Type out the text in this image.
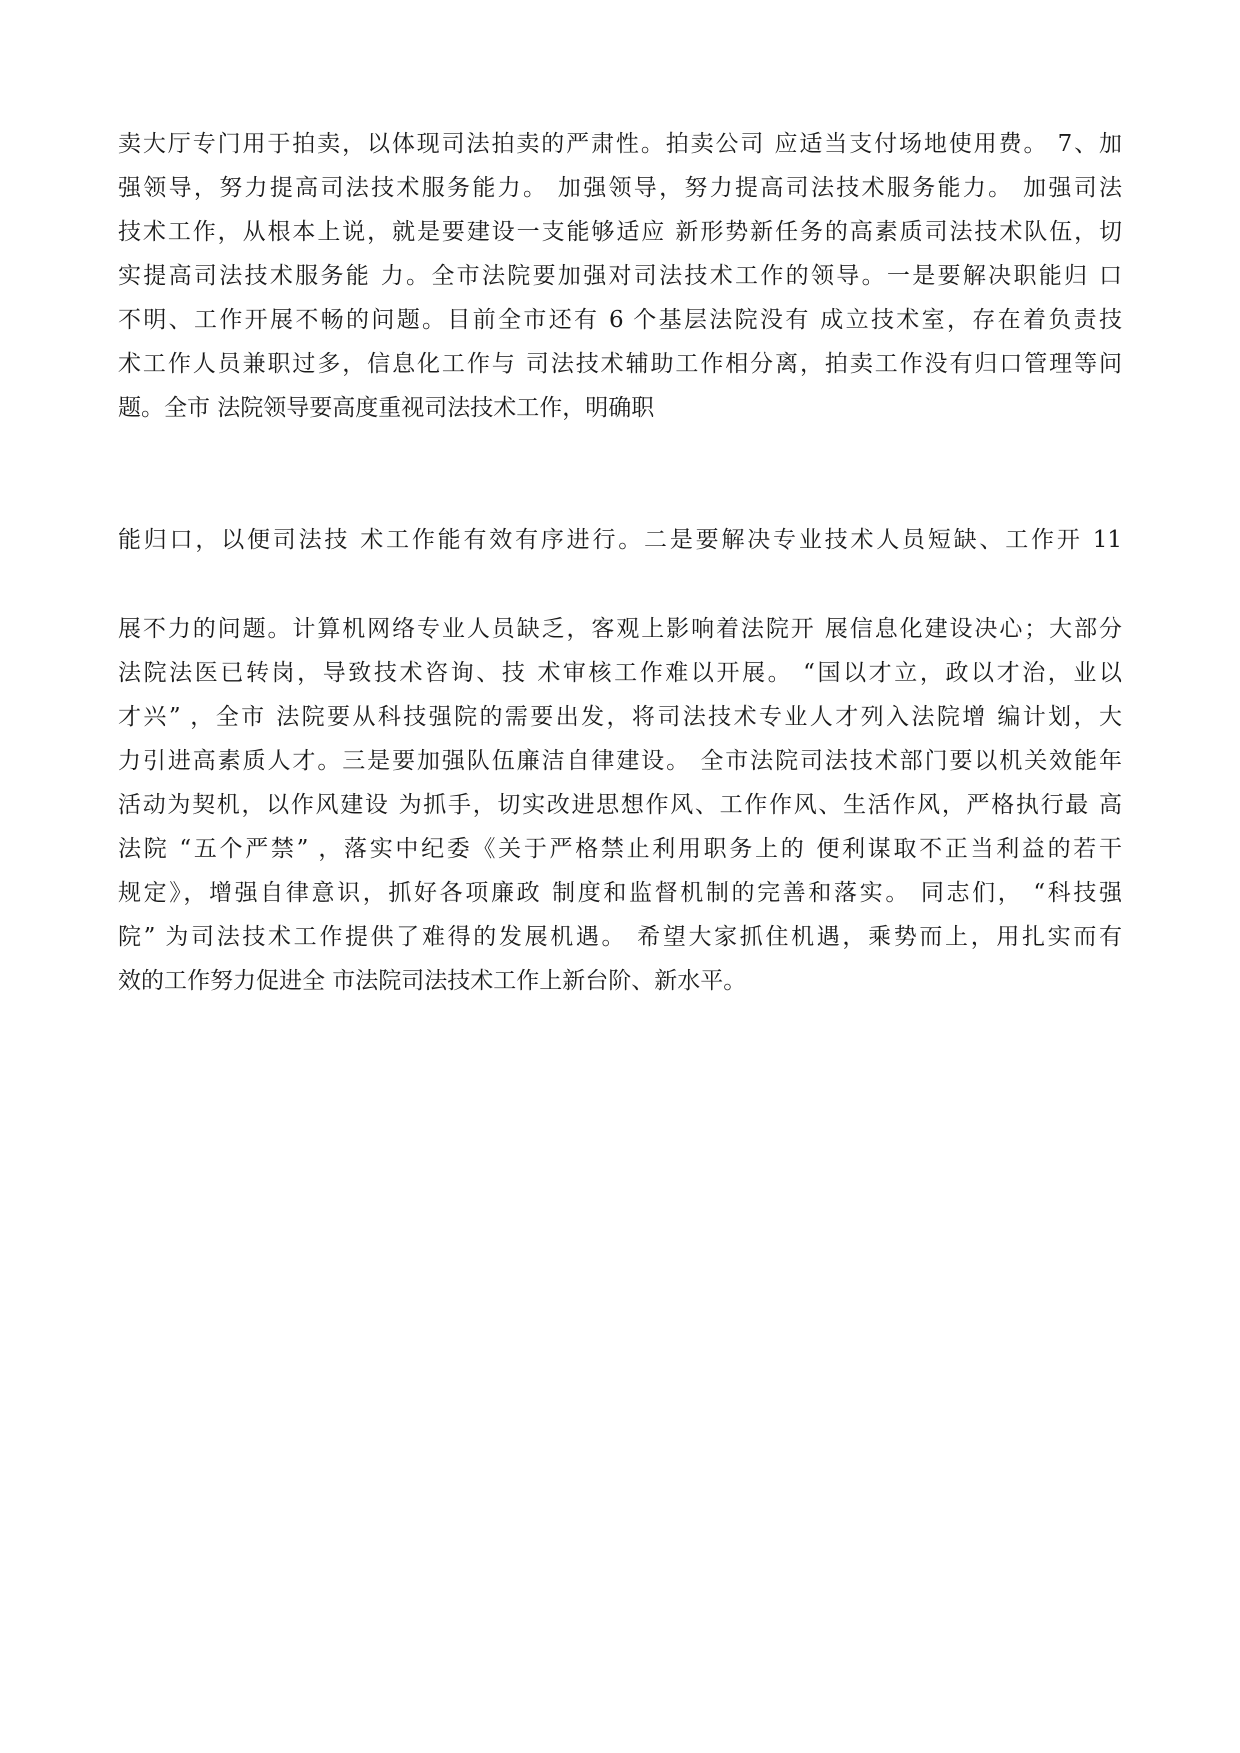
卖大厅专门用于拍卖，以体现司法拍卖的严肃性。拍卖公司 应适当支付场地使用费。 7、加
强领导，努力提高司法技术服务能力。 加强领导，努力提高司法技术服务能力。 加强司法
技术工作，从根本上说，就是要建设一支能够适应 新形势新任务的高素质司法技术队伍，切
实提高司法技术服务能 力。全市法院要加强对司法技术工作的领导。一是要解决职能归 口
不明、工作开展不畅的问题。目前全市还有 6 个基层法院没有 成立技术室，存在着负责技
术工作人员兼职过多，信息化工作与 司法技术辅助工作相分离，拍卖工作没有归口管理等问
题。全市 法院领导要高度重视司法技术工作，明确职
能归口，以便司法技 术工作能有效有序进行。二是要解决专业技术人员短缺、工作开 11
展不力的问题。计算机网络专业人员缺乏，客观上影响着法院开 展信息化建设决心；大部分
法院法医已转岗，导致技术咨询、技 术审核工作难以开展。 “国以才立，政以才治，业以
才兴” ，全市 法院要从科技强院的需要出发，将司法技术专业人才列入法院增 编计划，大
力引进高素质人才。三是要加强队伍廉洁自律建设。 全市法院司法技术部门要以机关效能年
活动为契机，以作风建设 为抓手，切实改进思想作风、工作作风、生活作风，严格执行最 高
法院 “五个严禁” ，落实中纪委《关于严格禁止利用职务上的 便利谋取不正当利益的若干
规定》，增强自律意识，抓好各项廉政 制度和监督机制的完善和落实。 同志们， “科技强
院” 为司法技术工作提供了难得的发展机遇。 希望大家抓住机遇，乘势而上，用扎实而有
效的工作努力促进全 市法院司法技术工作上新台阶、新水平。
